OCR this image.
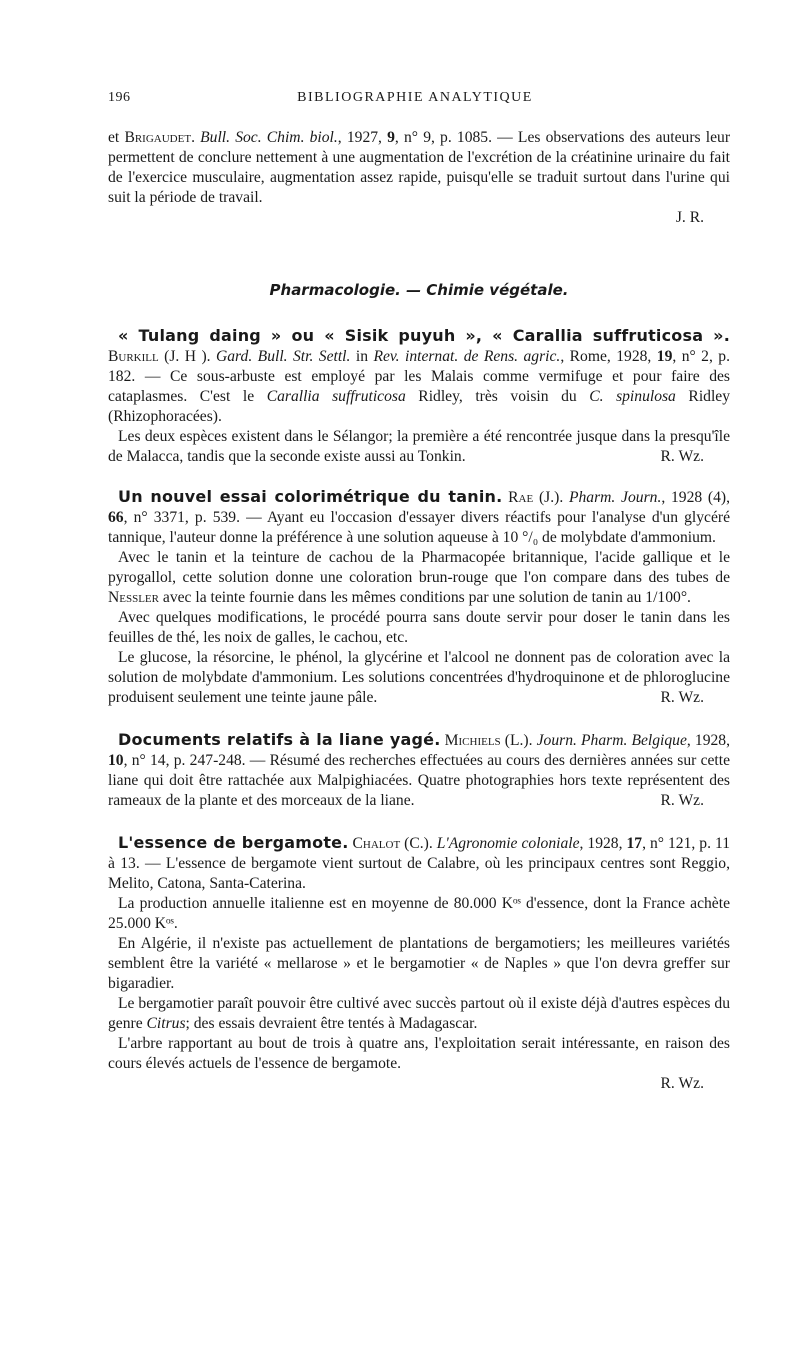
196	BIBLIOGRAPHIE ANALYTIQUE

et Brigaudet. Bull. Soc. Chim. biol., 1927, 9, n° 9, p. 1085. — Les observations des auteurs leur permettent de conclure nettement à une augmentation de l'excrétion de la créatinine urinaire du fait de l'exercice musculaire, augmentation assez rapide, puisqu'elle se traduit surtout dans l'urine qui suit la période de travail.

J. R.

Pharmacologie. — Chimie végétale.

« Tulang daing » ou « Sisik puyuh », « Carallia suffruticosa ». Burkill (J. H ). Gard. Bull. Str. Settl. in Rev. internat. de Rens. agric., Rome, 1928, 19, n° 2, p. 182. — Ce sous-arbuste est employé par les Malais comme vermifuge et pour faire des cataplasmes. C'est le Carallia suffruticosa Ridley, très voisin du C. spinulosa Ridley (Rhizophoracées).

Les deux espèces existent dans le Sélangor; la première a été rencontrée jusque dans la presqu'île de Malacca, tandis que la seconde existe aussi au Tonkin.	R. Wz.

Un nouvel essai colorimétrique du tanin. Rae (J.). Pharm. Journ., 1928 (4), 66, n° 3371, p. 539. — Ayant eu l'occasion d'essayer divers réactifs pour l'analyse d'un glycéré tannique, l'auteur donne la préférence à une solution aqueuse à 10 °/₀ de molybdate d'ammonium.

Avec le tanin et la teinture de cachou de la Pharmacopée britannique, l'acide gallique et le pyrogallol, cette solution donne une coloration brun-rouge que l'on compare dans des tubes de Nessler avec la teinte fournie dans les mêmes conditions par une solution de tanin au 1/100°.

Avec quelques modifications, le procédé pourra sans doute servir pour doser le tanin dans les feuilles de thé, les noix de galles, le cachou, etc.

Le glucose, la résorcine, le phénol, la glycérine et l'alcool ne donnent pas de coloration avec la solution de molybdate d'ammonium. Les solutions concentrées d'hydroquinone et de phloroglucine produisent seulement une teinte jaune pâle.	R. Wz.

Documents relatifs à la liane yagé. Michiels (L.). Journ. Pharm. Belgique, 1928, 10, n° 14, p. 247-248. — Résumé des recherches effectuées au cours des dernières années sur cette liane qui doit être rattachée aux Malpighiacées. Quatre photographies hors texte représentent des rameaux de la plante et des morceaux de la liane.	R. Wz.

L'essence de bergamote. Chalot (C.). L'Agronomie coloniale, 1928, 17, n° 121, p. 11 à 13. — L'essence de bergamote vient surtout de Calabre, où les principaux centres sont Reggio, Melito, Catona, Santa-Caterina.

La production annuelle italienne est en moyenne de 80.000 Kᵒˢ d'essence, dont la France achète 25.000 Kᵒˢ.

En Algérie, il n'existe pas actuellement de plantations de bergamotiers; les meilleures variétés semblent être la variété « mellarose » et le bergamotier « de Naples » que l'on devra greffer sur bigaradier.

Le bergamotier paraît pouvoir être cultivé avec succès partout où il existe déjà d'autres espèces du genre Citrus; des essais devraient être tentés à Madagascar.

L'arbre rapportant au bout de trois à quatre ans, l'exploitation serait intéressante, en raison des cours élevés actuels de l'essence de bergamote.

R. Wz.
